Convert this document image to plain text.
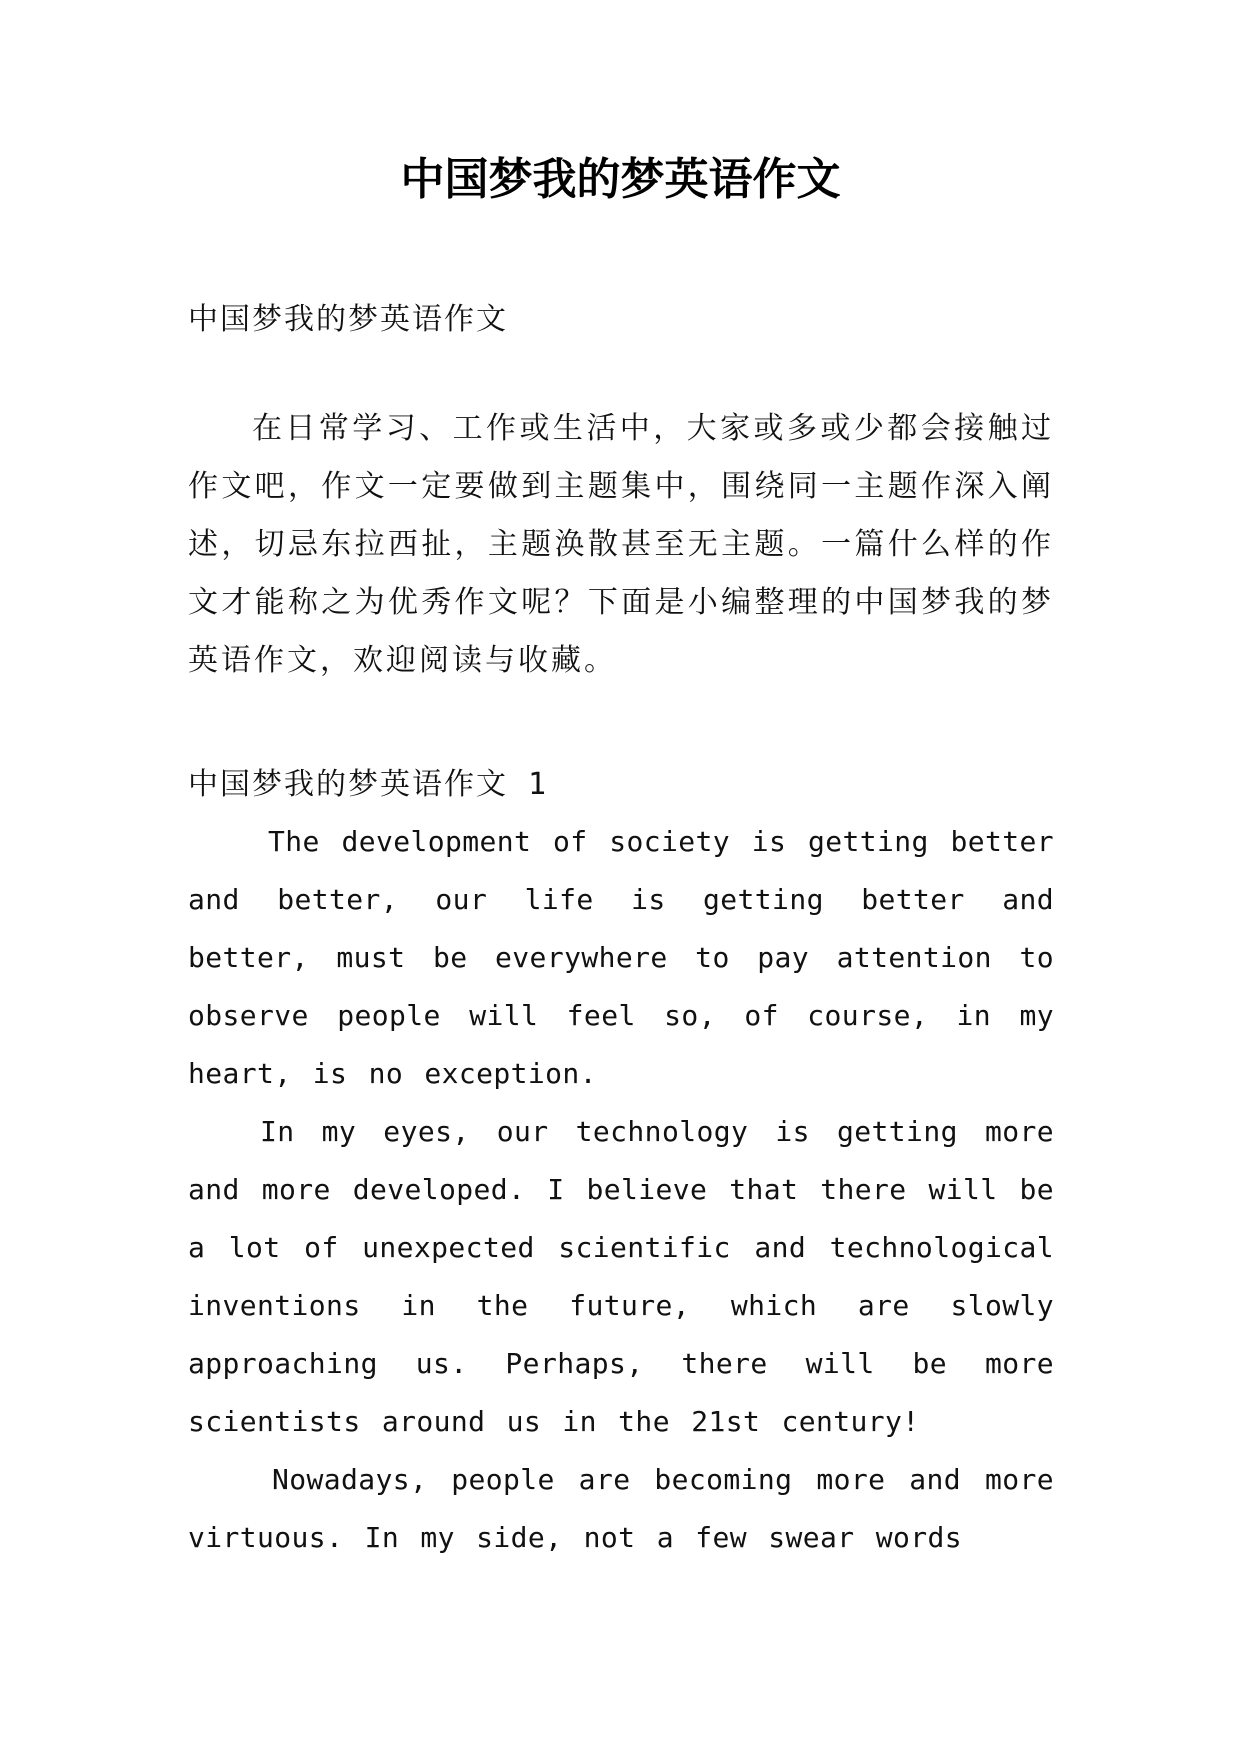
中国梦我的梦英语作文
中国梦我的梦英语作文

在日常学习、工作或生活中，大家或多或少都会接触过作文吧，作文一定要做到主题集中，围绕同一主题作深入阐述，切忌东拉西扯，主题涣散甚至无主题。一篇什么样的作文才能称之为优秀作文呢？下面是小编整理的中国梦我的梦英语作文，欢迎阅读与收藏。

中国梦我的梦英语作文 1

The development of society is getting better and better, our life is getting better and better, must be everywhere to pay attention to observe people will feel so, of course, in my heart, is no exception.

In my eyes, our technology is getting more and more developed. I believe that there will be a lot of unexpected scientific and technological inventions in the future, which are slowly approaching us. Perhaps, there will be more scientists around us in the 21st century!

Nowadays, people are becoming more and more virtuous. In my side, not a few swear words
